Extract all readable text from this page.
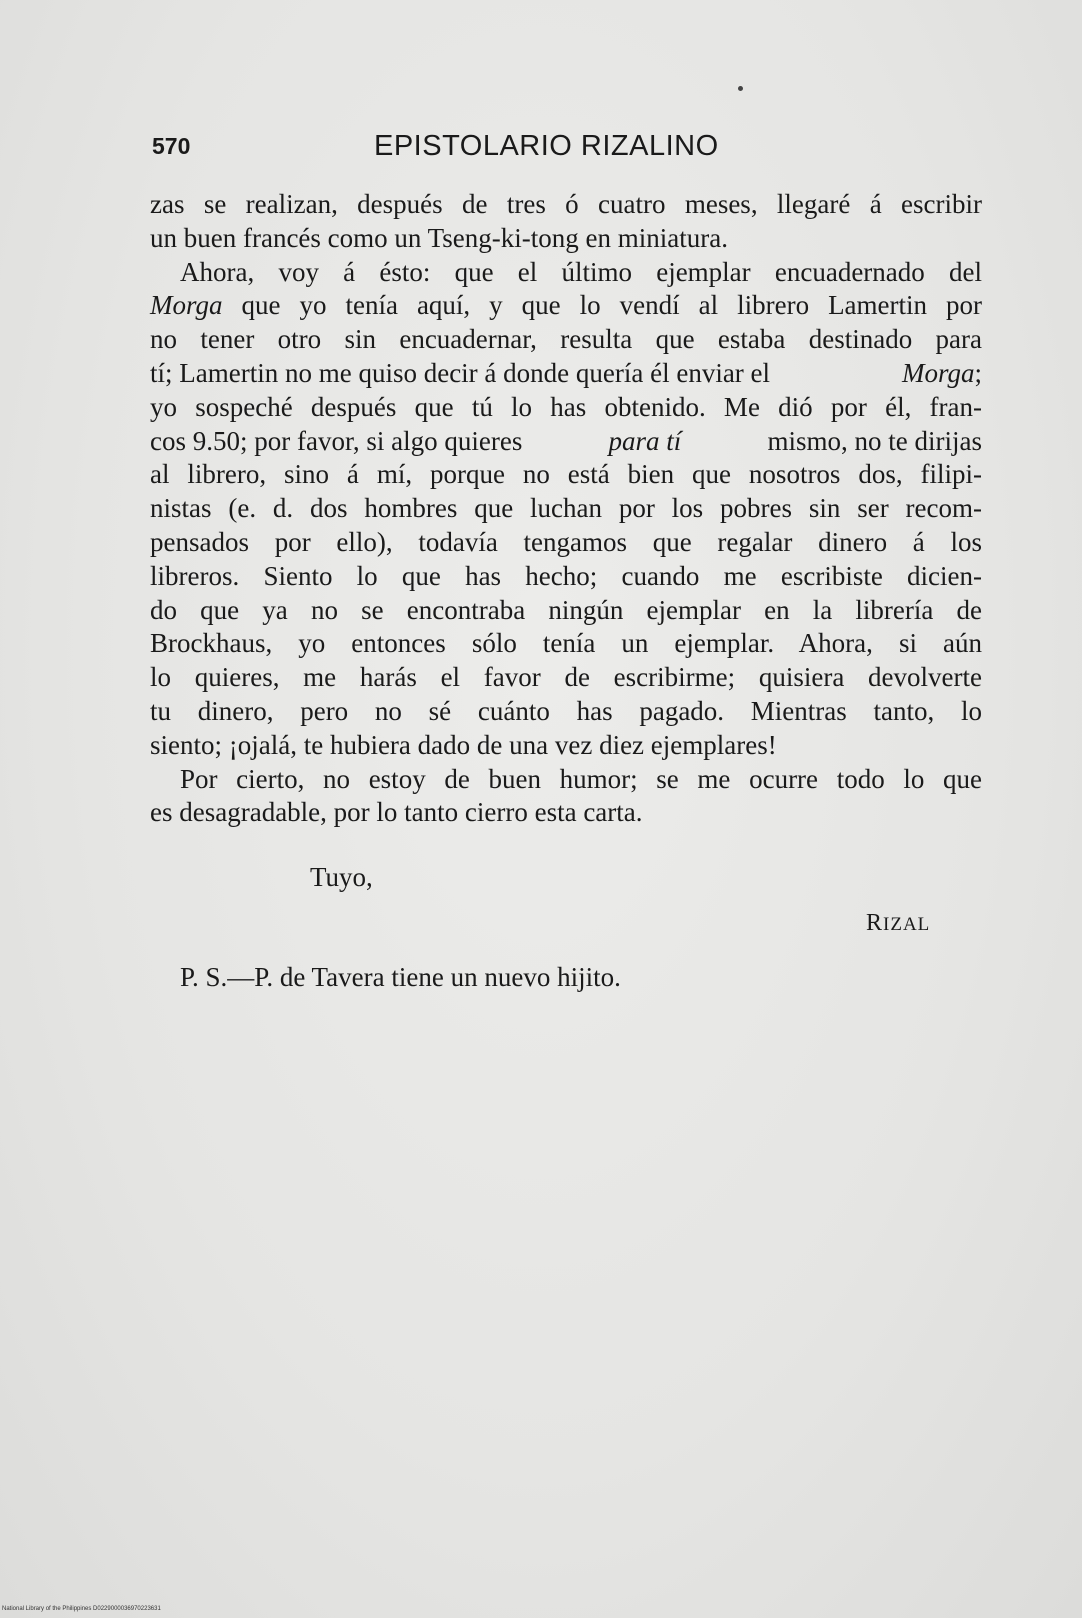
570	EPISTOLARIO RIZALINO
zas se realizan, después de tres ó cuatro meses, llegaré á escribir
un buen francés como un Tseng-ki-tong en miniatura.
Ahora, voy á ésto: que el último ejemplar encuadernado del
Morga que yo tenía aquí, y que lo vendí al librero Lamertin por
no tener otro sin encuadernar, resulta que estaba destinado para
tí; Lamertin no me quiso decir á donde quería él enviar el	Morga;
yo sospeché después que tú lo has obtenido. Me dió por él, fran-
cos 9.50; por favor, si algo quieres	para tí	mismo, no te dirijas
al librero, sino á mí, porque no está bien que nosotros dos, filipi-
nistas (e. d. dos hombres que luchan por los pobres sin ser recom-
pensados por ello), todavía tengamos que regalar dinero á los
libreros. Siento lo que has hecho; cuando me escribiste dicien-
do que ya no se encontraba ningún ejemplar en la librería de
Brockhaus, yo entonces sólo tenía un ejemplar. Ahora, si aún
lo quieres, me harás el favor de escribirme; quisiera devolverte
tu dinero, pero no sé cuánto has pagado. Mientras tanto, lo
siento; ¡ojalá, te hubiera dado de una vez diez ejemplares!
Por cierto, no estoy de buen humor; se me ocurre todo lo que
es desagradable, por lo tanto cierro esta carta.
Tuyo,
RIZAL
P. S.—P. de Tavera tiene un nuevo hijito.
National Library of the Philippines D0229000036970223631
